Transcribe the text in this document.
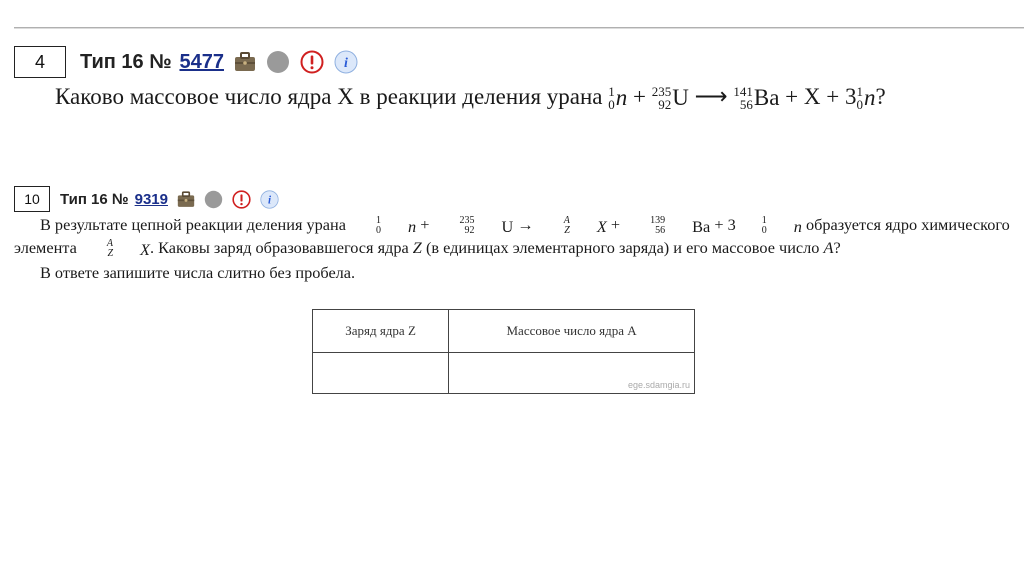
4 Тип 16 № 5477	i
Каково массовое число ядра X в реакции деления урана 1
0 n + 235
92 U ⟶ 141
56 Ba + X + 3 1
0 n ?
10 Тип 16 № 9319	i

В результате цепной реакции деления урана	1
0	n +	235
92	U →	A
Z	X +	139
56	Ba + 3	1
0	n образуется ядро химического элемента	A
Z	X . Каковы заряд образовавшегося ядра Z (в единицах элементарного заряда) и его массовое число A?

В ответе запишите числа слитно без пробела.

Заряд ядра Z	Массовое число ядра A

	ege.sdamgia.ru
